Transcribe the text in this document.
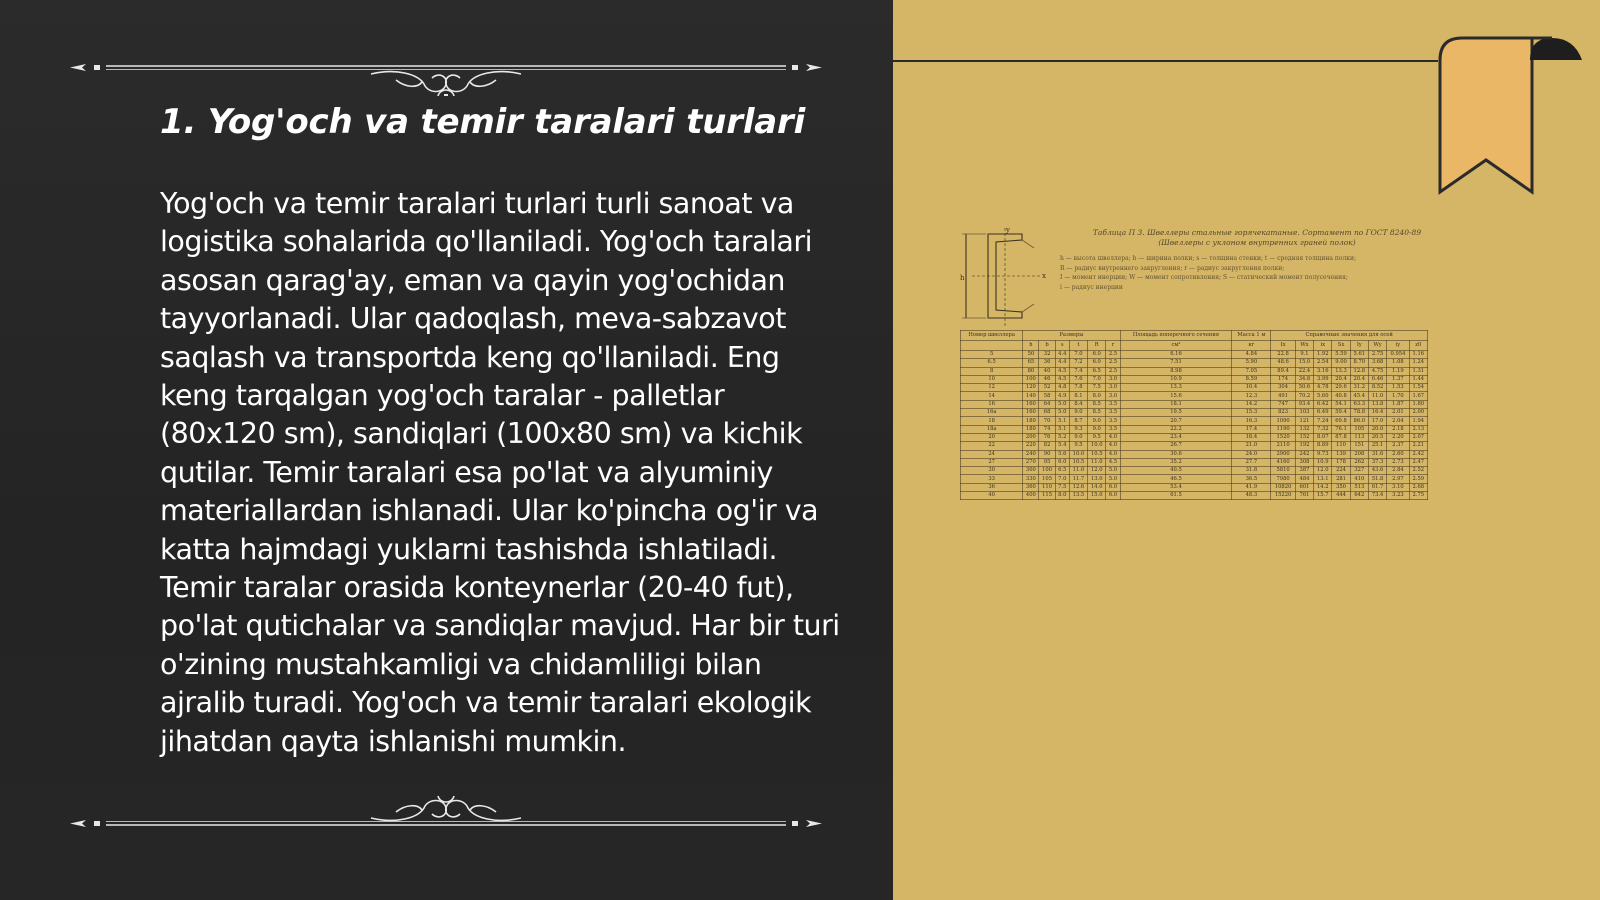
1. Yog'och va temir taralari turlari

Yog'och va temir taralari turlari turli sanoat va logistika sohalarida qo'llaniladi. Yog'och taralari asosan qarag'ay, eman va qayin yog'ochidan tayyorlanadi. Ular qadoqlash, meva-sabzavot saqlash va transportda keng qo'llaniladi. Eng keng tarqalgan yog'och taralar - palletlar (80x120 sm), sandiqlari (100x80 sm) va kichik qutilar. Temir taralari esa po'lat va alyuminiy materiallardan ishlanadi. Ular ko'pincha og'ir va katta hajmdagi yuklarni tashishda ishlatiladi. Temir taralar orasida konteynerlar (20-40 fut), po'lat qutichalar va sandiqlar mavjud. Har bir turi o'zining mustahkamligi va chidamliligi bilan ajralib turadi. Yog'och va temir taralari ekologik jihatdan qayta ishlanishi mumkin.

h
y
x
Таблица П 3. Швеллеры стальные горячекатаные. Сортамент по ГОСТ 8240-89
(Швеллеры с уклоном внутренних граней полок)
h — высота швеллера; b — ширина полки; s — толщина стенки; t — средняя толщина полки;
R — радиус внутреннего закругления; r — радиус закругления полки;
I — момент инерции; W — момент сопротивления; S — статический момент полусечения;
i — радиус инерции
Номер швеллера	Размеры						Площадь поперечного сечения	Масса 1 м	Справочные значения для осей							
	h	b	s	t	R	r	см²	кг	Ix	Wx	ix	Sx	Iy	Wy	iy	z0
5	50	32	4.4	7.0	6.0	2.5	6.16	4.84	22.8	9.1	1.92	5.59	5.61	2.75	0.954	1.16
6.5	65	36	4.4	7.2	6.0	2.5	7.51	5.90	48.6	15.0	2.54	9.00	8.70	3.68	1.08	1.24
8	80	40	4.5	7.4	6.5	2.5	8.98	7.05	89.4	22.4	3.16	13.3	12.8	4.75	1.19	1.31
10	100	46	4.5	7.6	7.0	3.0	10.9	8.59	174	34.8	3.99	20.4	20.4	6.46	1.37	1.44
12	120	52	4.8	7.8	7.5	3.0	13.3	10.4	304	50.6	4.78	29.6	31.2	8.52	1.53	1.54
14	140	58	4.9	8.1	8.0	3.0	15.6	12.3	491	70.2	5.60	40.8	45.4	11.0	1.70	1.67
16	160	64	5.0	8.4	8.5	3.5	18.1	14.2	747	93.4	6.42	54.1	63.3	13.8	1.87	1.80
16а	160	68	5.0	9.0	8.5	3.5	19.5	15.3	823	103	6.49	59.4	78.8	16.4	2.01	2.00
18	180	70	5.1	8.7	9.0	3.5	20.7	16.3	1090	121	7.24	69.8	86.0	17.0	2.04	1.94
18а	180	74	5.1	9.3	9.0	3.5	22.2	17.4	1190	132	7.32	76.1	105	20.0	2.18	2.13
20	200	76	5.2	9.0	9.5	4.0	23.4	18.4	1520	152	8.07	87.8	113	20.5	2.20	2.07
22	220	82	5.4	9.5	10.0	4.0	26.7	21.0	2110	192	8.89	110	151	25.1	2.37	2.21
24	240	90	5.6	10.0	10.5	4.0	30.6	24.0	2900	242	9.73	139	208	31.6	2.60	2.42
27	270	95	6.0	10.5	11.0	4.5	35.2	27.7	4160	308	10.9	178	262	37.3	2.73	2.47
30	300	100	6.5	11.0	12.0	5.0	40.5	31.8	5810	387	12.0	224	327	43.6	2.84	2.52
33	330	105	7.0	11.7	13.0	5.0	46.5	36.5	7980	484	13.1	281	410	51.8	2.97	2.59
36	360	110	7.5	12.6	14.0	6.0	53.4	41.9	10820	601	14.2	350	513	61.7	3.10	2.68
40	400	115	8.0	13.5	15.0	6.0	61.5	48.3	15220	761	15.7	444	642	73.4	3.23	2.75
